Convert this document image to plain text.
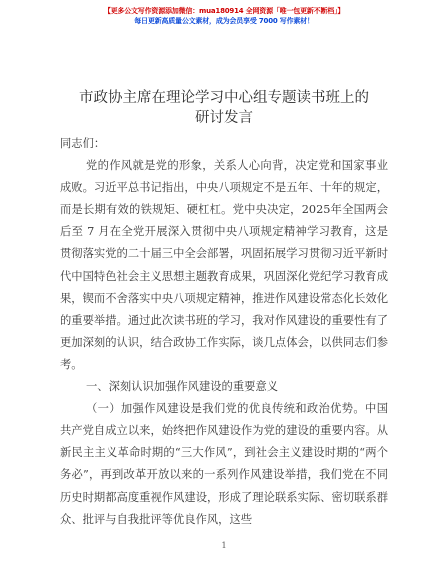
【更多公文写作资源添加微信：mua180914 全网资源「唯一包更新不断档」】
每日更新高质量公文素材，成为会员享受 7000 写作素材！
市政协主席在理论学习中心组专题读书班上的
研讨发言

同志们：

党的作风就是党的形象，关系人心向背，决定党和国家事业成败。习近平总书记指出，中央八项规定不是五年、十年的规定，而是长期有效的铁规矩、硬杠杠。党中央决定，2025年全国两会后至 7 月在全党开展深入贯彻中央八项规定精神学习教育，这是贯彻落实党的二十届三中全会部署，巩固拓展学习贯彻习近平新时代中国特色社会主义思想主题教育成果，巩固深化党纪学习教育成果，锲而不舍落实中央八项规定精神，推进作风建设常态化长效化的重要举措。通过此次读书班的学习，我对作风建设的重要性有了更加深刻的认识，结合政协工作实际，谈几点体会，以供同志们参考。

一、深刻认识加强作风建设的重要意义

（一）加强作风建设是我们党的优良传统和政治优势。中国共产党自成立以来，始终把作风建设作为党的建设的重要内容。从新民主主义革命时期的“三大作风”，到社会主义建设时期的“两个务必”，再到改革开放以来的一系列作风建设举措，我们党在不同历史时期都高度重视作风建设，形成了理论联系实际、密切联系群众、批评与自我批评等优良作风，这些

1
